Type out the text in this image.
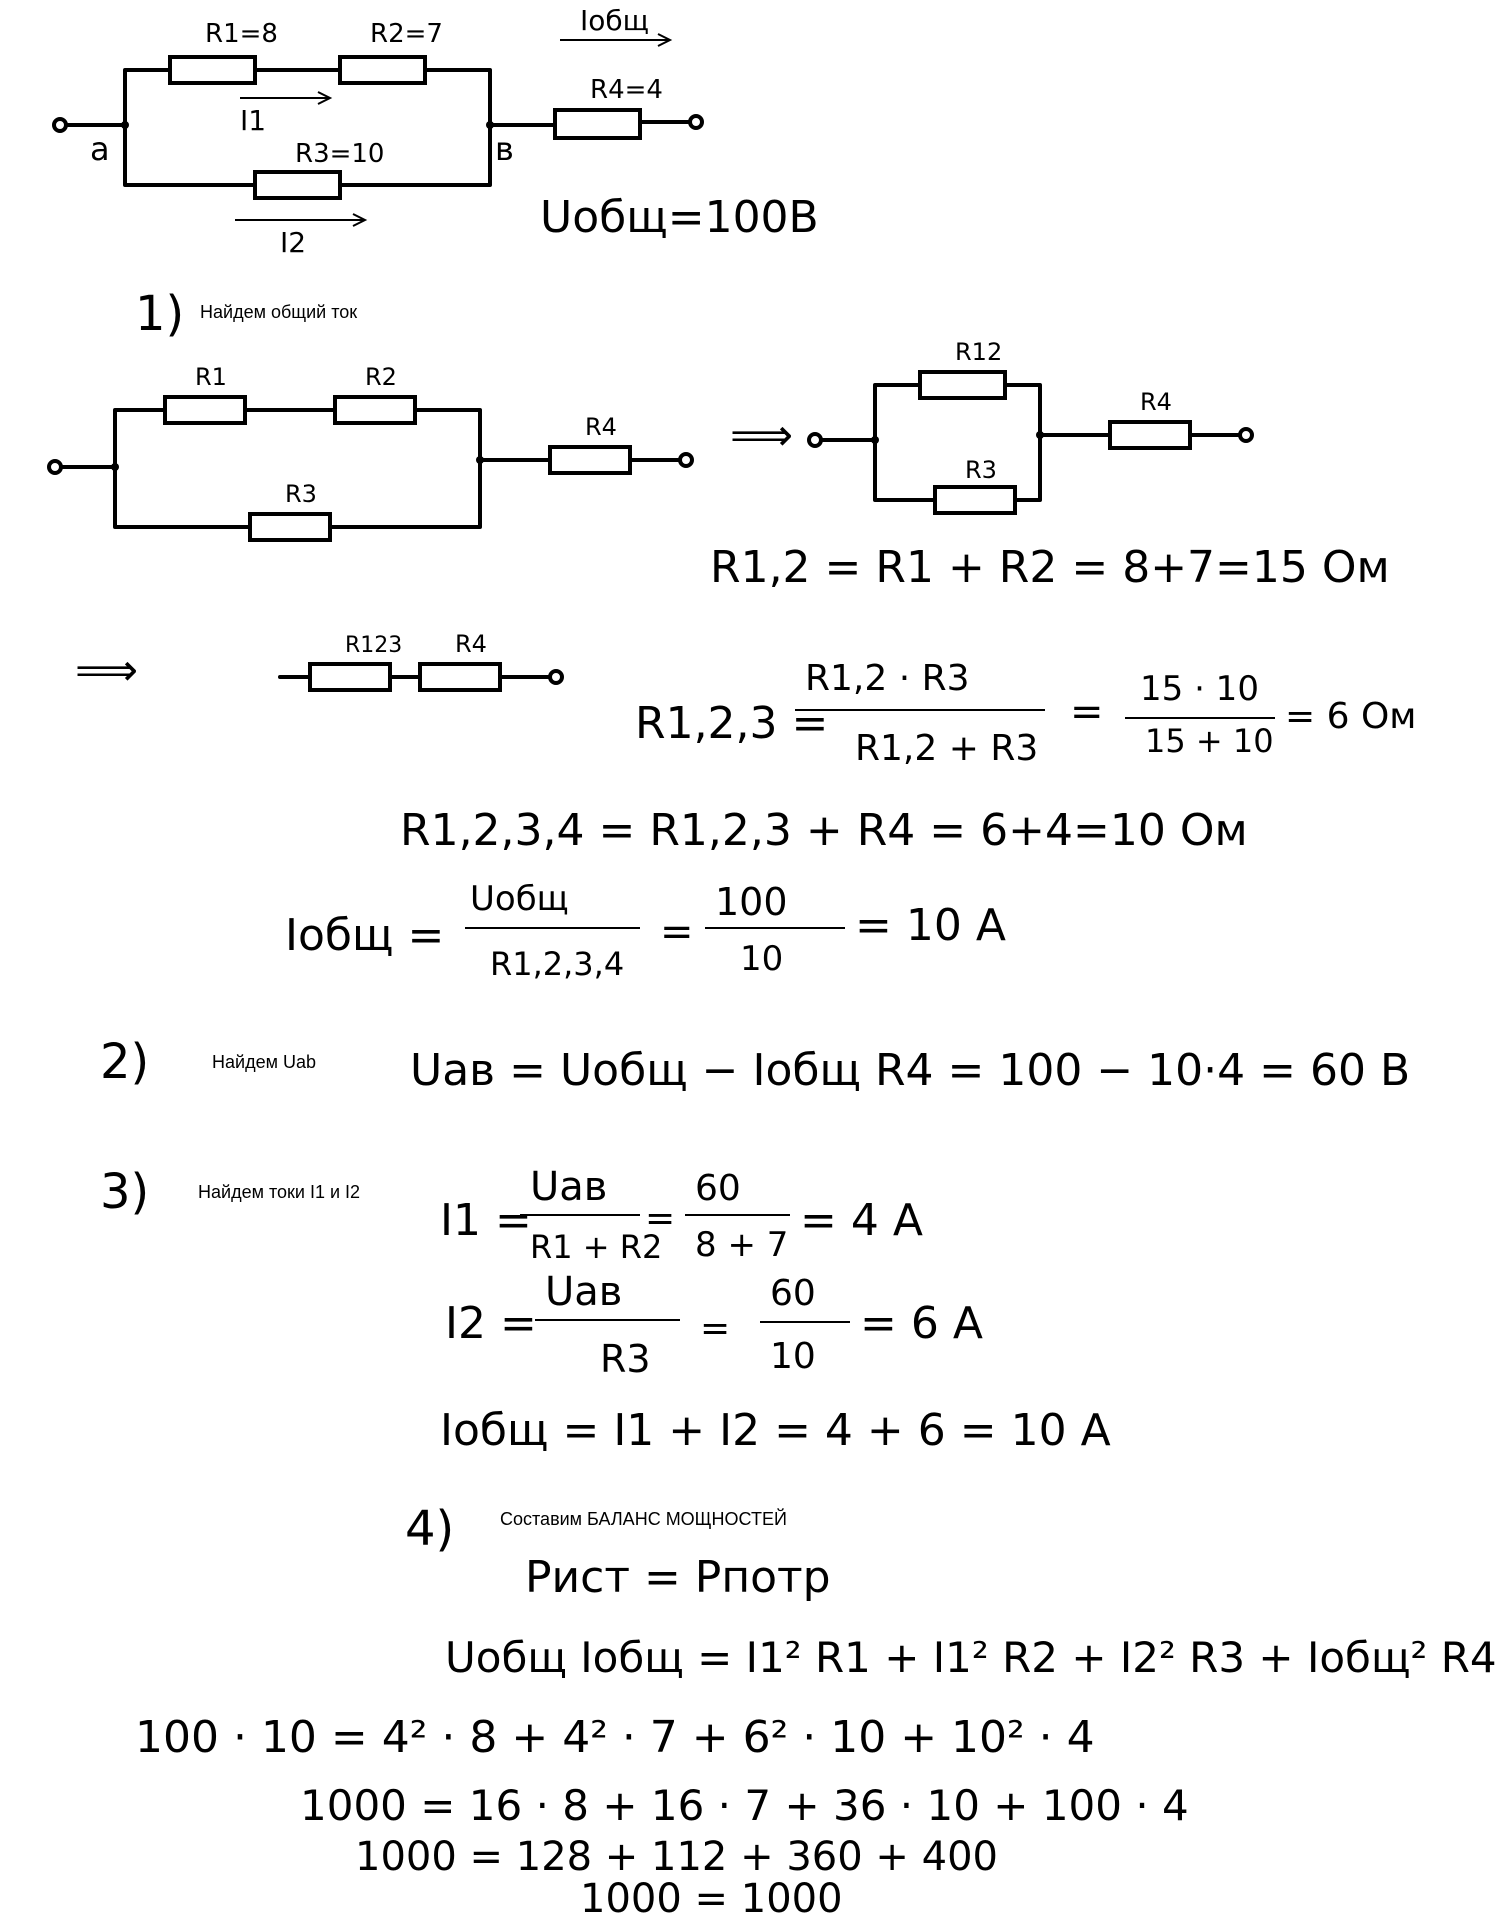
R1=8	R2=7
R3=10
R4=4
I1
I2
Iобщ
a	в
Uобщ=100В
1) Найдем общий ток
R1	R2
R3
R4	⟹
R12
R3
R4
R1,2 = R1 + R2 = 8+7=15 Ом
⟹	R123 R4
R1,2,3 =
R1,2 · R3
R1,2 + R3
= 15 · 10
15 + 10
= 6 Ом
R1,2,3,4 = R1,2,3 + R4 = 6+4=10 Ом
Iобщ =
Uобщ
R1,2,3,4
=
100
10
= 10 A
2)	Найдем Uab Uав = Uобщ − Iобщ R4 = 100 − 10·4 = 60 В
3)	Найдем токи I1 и I2
I1 =
Uав
R1 + R2
=
60
8 + 7 = 4 A
I2 =
Uав
R3
=
60
10
= 6 A
Iобщ = I1 + I2 = 4 + 6 = 10 A
4)	Составим БАЛАНС МОЩНОСТЕЙ
Pист = Pпотр
Uобщ Iобщ = I1² R1 + I1² R2 + I2² R3 + Iобщ² R4
100 · 10 = 4² · 8 + 4² · 7 + 6² · 10 + 10² · 4
1000 = 16 · 8 + 16 · 7 + 36 · 10 + 100 · 4
1000 = 128 + 112 + 360 + 400
1000 = 1000
